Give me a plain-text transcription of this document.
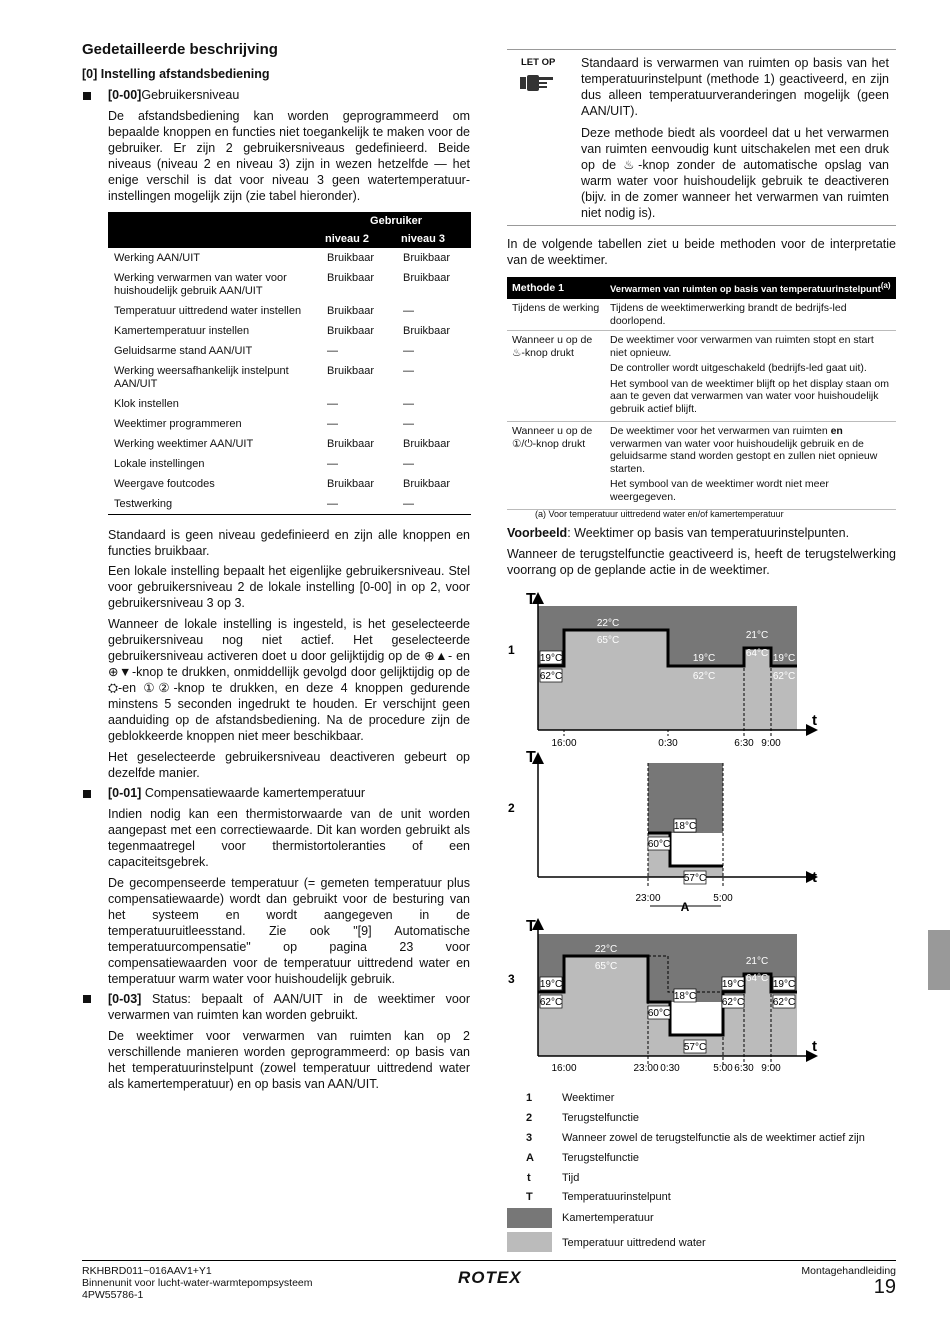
Gedetailleerde beschrijving
[0] Instelling afstandsbediening
[0-00]Gebruikersniveau

De afstandsbediening kan worden geprogrammeerd om bepaalde knoppen en functies niet toegankelijk te maken voor de gebruiker. Er zijn 2 gebruikersniveaus gedefinieerd. Beide niveaus (niveau 2 en niveau 3) zijn in wezen hetzelfde — het enige verschil is dat voor niveau 3 geen watertemperatuur-instellingen mogelijk zijn (zie tabel hieronder).

	Gebruiker	
	niveau 2	niveau 3
Werking AAN/UIT	Bruikbaar	Bruikbaar
Werking verwarmen van water voor huishoudelijk gebruik AAN/UIT	Bruikbaar	Bruikbaar
Temperatuur uittredend water instellen	Bruikbaar	—
Kamertemperatuur instellen	Bruikbaar	Bruikbaar
Geluidsarme stand AAN/UIT	—	—
Werking weersafhankelijk instelpunt AAN/UIT	Bruikbaar	—
Klok instellen	—	—
Weektimer programmeren	—	—
Werking weektimer AAN/UIT	Bruikbaar	Bruikbaar
Lokale instellingen	—	—
Weergave foutcodes	Bruikbaar	Bruikbaar
Testwerking	—	—

Standaard is geen niveau gedefinieerd en zijn alle knoppen en functies bruikbaar.

Een lokale instelling bepaalt het eigenlijke gebruikersniveau. Stel voor gebruikersniveau 2 de lokale instelling [0-00] in op 2, voor gebruikersniveau 3 op 3.

Wanneer de lokale instelling is ingesteld, is het geselecteerde gebruikersniveau nog niet actief. Het geselecteerde gebruikersniveau activeren doet u door gelijktijdig op de ⊕▲- en ⊕▼-knop te drukken, onmiddellijk gevolgd door gelijktijdig op de ⛭-en ①②-knop te drukken, en deze 4 knoppen gedurende minstens 5 seconden ingedrukt te houden. Er verschijnt geen aanduiding op de afstandsbediening. Na de procedure zijn de geblokkeerde knoppen niet meer beschikbaar.

Het geselecteerde gebruikersniveau deactiveren gebeurt op dezelfde manier.

[0-01] Compensatiewaarde kamertemperatuur

Indien nodig kan een thermistorwaarde van de unit worden aangepast met een correctiewaarde. Dit kan worden gebruikt als tegenmaatregel voor thermistortoleranties of een capaciteitsgebrek.

De gecompenseerde temperatuur (= gemeten temperatuur plus compensatiewaarde) wordt dan gebruikt voor de besturing van het systeem en wordt aangegeven in de temperatuuruitleesstand. Zie ook "[9] Automatische temperatuurcompensatie" op pagina 23 voor compensatiewaarden voor de temperatuur uittredend water en temperatuur warm water voor huishoudelijk gebruik.

[0-03] Status: bepaalt of AAN/UIT in de weektimer voor verwarmen van ruimten kan worden gebruikt.

De weektimer voor verwarmen van ruimten kan op 2 verschillende manieren worden geprogrammeerd: op basis van het temperatuurinstelpunt (zowel temperatuur uittredend water als kamertemperatuur) en op basis van AAN/UIT.

LET OP Standaard is verwarmen van ruimten op basis van het temperatuurinstelpunt (methode 1) geactiveerd, en zijn dus alleen temperatuurveranderingen mogelijk (geen AAN/UIT).

Deze methode biedt als voordeel dat u het verwarmen van ruimten eenvoudig kunt uitschakelen met een druk op de ♨-knop zonder de automatische opslag van warm water voor huishoudelijk gebruik te deactiveren (bijv. in de zomer wanneer het verwarmen van ruimten niet nodig is).

In de volgende tabellen ziet u beide methoden voor de interpretatie van de weektimer.

Methode 1	Verwarmen van ruimten op basis van temperatuurinstelpunt$^{(a)}$
Tijdens de werking	Tijdens de weektimerwerking brandt de bedrijfs-led doorlopend.
Wanneer u op de ♨-knop drukt	De weektimer voor verwarmen van ruimten stopt en start niet opnieuw.

De controller wordt uitgeschakeld (bedrijfs-led gaat uit).

Het symbool van de weektimer blijft op het display staan om aan te geven dat verwarmen van water voor huishoudelijk gebruik actief blijft.

Wanneer u op de ①/⏻-knop drukt	De weektimer voor het verwarmen van ruimten en verwarmen van water voor huishoudelijk gebruik en de geluidsarme stand worden gestopt en zullen niet opnieuw starten.

Het symbool van de weektimer wordt niet meer weergegeven.

(a) Voor temperatuur uittredend water en/of kamertemperatuur
Voorbeeld: Weektimer op basis van temperatuurinstelpunten.

Wanneer de terugstelfunctie geactiveerd is, heeft de terugstelwerking voorrang op de geplande actie in de weektimer.

T
t
1
16:00	0:30	6:30 9:00
19°C
62°C
22°C
65°C
19°C
62°C
21°C
64°C 19°C
62°C
T
t
2
23:00	5:00
A
18°C
60°C
57°C
T
t
3
16:00	23:00 0:30	5:00 6:30 9:00
19°C
62°C
22°C
65°C
18°C
60°C
57°C
19°C
62°C
21°C
64°C
19°C
62°C
1	Weektimer
2	Terugstelfunctie
3	Wanneer zowel de terugstelfunctie als de weektimer actief zijn
A	Terugstelfunctie
t	Tijd
T	Temperatuurinstelpunt
Kamertemperatuur
Temperatuur uittredend water
RKHBRD011~016AAV1+Y1
Binnenunit voor lucht-water-warmtepompsysteem
4PW55786-1
ROTEX	Montagehandleiding
19
